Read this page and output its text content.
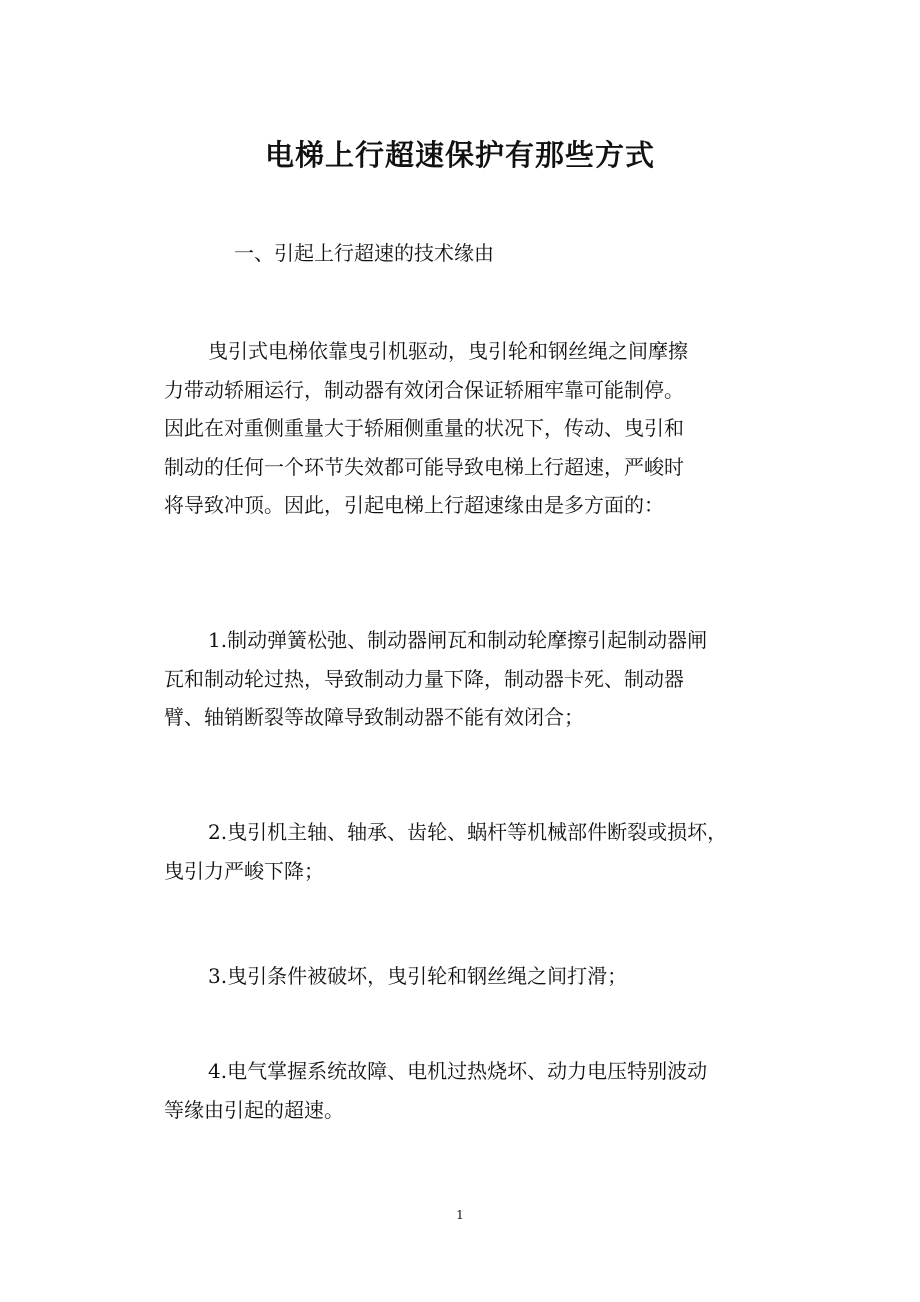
电梯上行超速保护有那些方式
一、引起上行超速的技术缘由
曳引式电梯依靠曳引机驱动，曳引轮和钢丝绳之间摩擦
力带动轿厢运行，制动器有效闭合保证轿厢牢靠可能制停。
因此在对重侧重量大于轿厢侧重量的状况下，传动、曳引和
制动的任何一个环节失效都可能导致电梯上行超速，严峻时
将导致冲顶。因此，引起电梯上行超速缘由是多方面的：
1.制动弹簧松弛、制动器闸瓦和制动轮摩擦引起制动器闸
瓦和制动轮过热，导致制动力量下降，制动器卡死、制动器
臂、轴销断裂等故障导致制动器不能有效闭合；
2.曳引机主轴、轴承、齿轮、蜗杆等机械部件断裂或损坏，
曳引力严峻下降；
3.曳引条件被破坏，曳引轮和钢丝绳之间打滑；
4.电气掌握系统故障、电机过热烧坏、动力电压特别波动
等缘由引起的超速。
1
